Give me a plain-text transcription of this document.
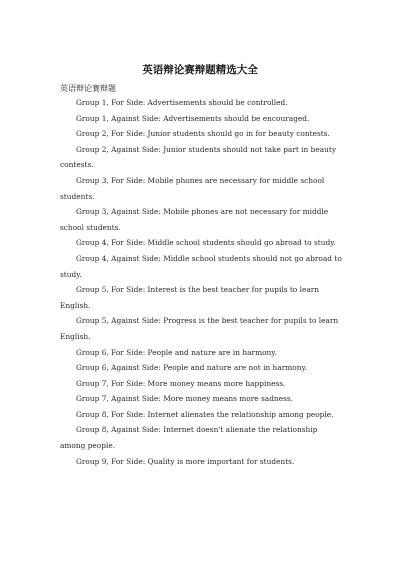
英语辩论赛辩题精选大全
英语辩论赛辩题

Group 1, For Side: Advertisements should be controlled.

Group 1, Against Side: Advertisements should be encouraged.

Group 2, For Side: Junior students should go in for beauty contests.

Group 2, Against Side: Junior students should not take part in beauty contests.

Group 3, For Side: Mobile phones are necessary for middle school students.

Group 3, Against Side: Mobile phones are not necessary for middle school students.

Group 4, For Side: Middle school students should go abroad to study.

Group 4, Against Side: Middle school students should not go abroad to study.

Group 5, For Side: Interest is the best teacher for pupils to learn English.

Group 5, Against Side: Progress is the best teacher for pupils to learn English.

Group 6, For Side: People and nature are in harmony.

Group 6, Against Side: People and nature are not in harmony.

Group 7, For Side: More money means more happiness.

Group 7, Against Side: More money means more sadness.

Group 8, For Side: Internet alienates the relationship among people.

Group 8, Against Side: Internet doesn't alienate the relationship among people.

Group 9, For Side: Quality is more important for students.
